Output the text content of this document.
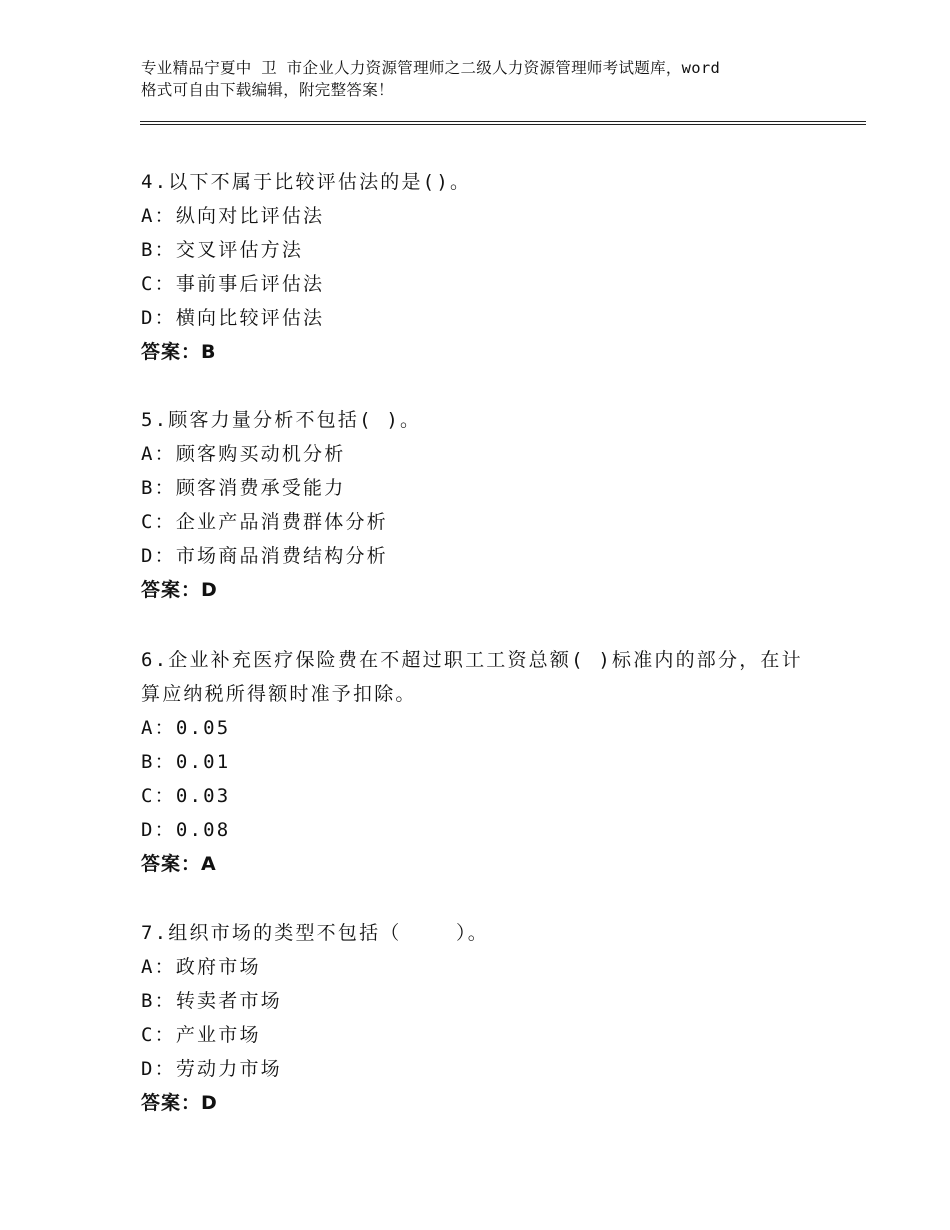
专业精品宁夏中 卫 市企业人力资源管理师之二级人力资源管理师考试题库，word
格式可自由下载编辑，附完整答案！
4.以下不属于比较评估法的是()。
A：纵向对比评估法
B：交叉评估方法
C：事前事后评估法
D：横向比较评估法
答案：B
5.顾客力量分析不包括( )。
A：顾客购买动机分析
B：顾客消费承受能力
C：企业产品消费群体分析
D：市场商品消费结构分析
答案：D
6.企业补充医疗保险费在不超过职工工资总额( )标准内的部分，在计
算应纳税所得额时准予扣除。
A：0.05
B：0.01
C：0.03
D：0.08
答案：A
7.组织市场的类型不包括（    ）。
A：政府市场
B：转卖者市场
C：产业市场
D：劳动力市场
答案：D
